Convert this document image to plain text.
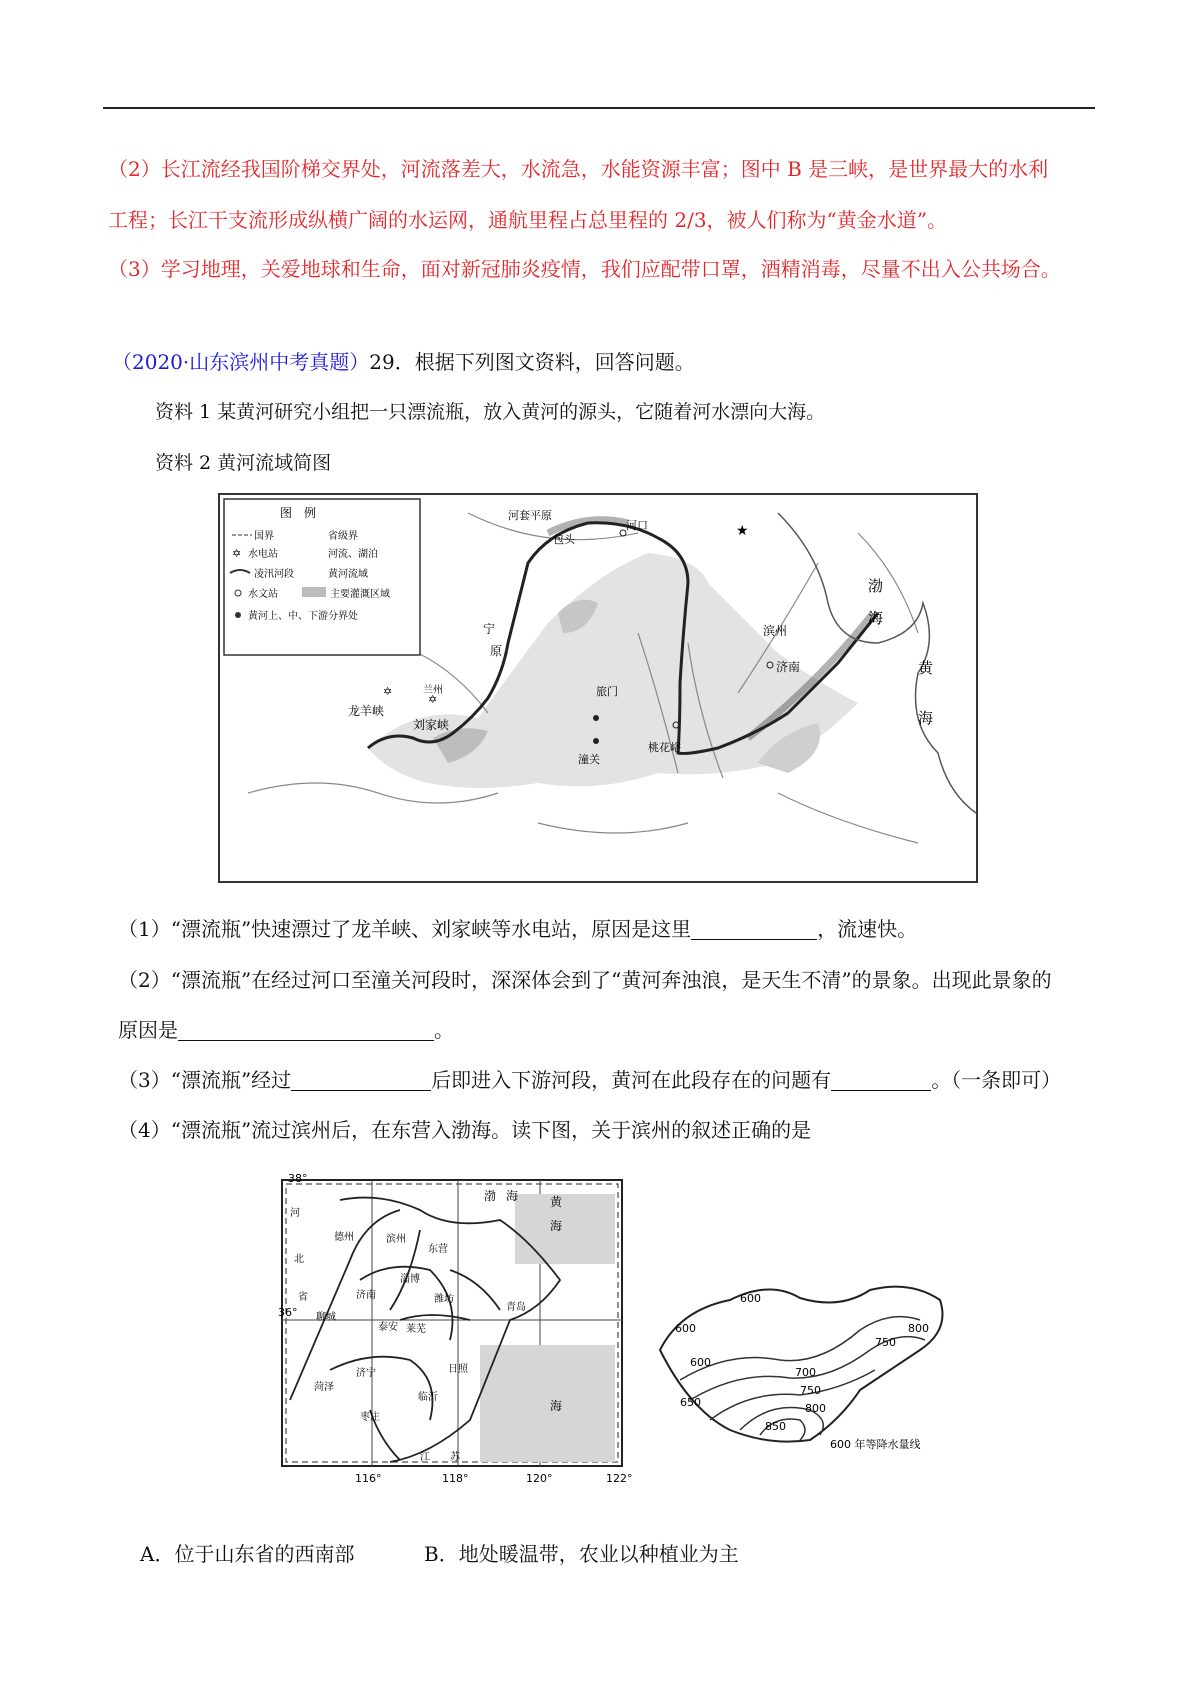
（2）长江流经我国阶梯交界处，河流落差大，水流急，水能资源丰富；图中 B 是三峡，是世界最大的水利

工程；长江干支流形成纵横广阔的水运网，通航里程占总里程的 2/3，被人们称为“黄金水道”。

（3）学习地理，关爱地球和生命，面对新冠肺炎疫情，我们应配带口罩，酒精消毒，尽量不出入公共场合。

（2020·山东滨州中考真题）29．根据下列图文资料，回答问题。
资料 1 某黄河研究小组把一只漂流瓶，放入黄河的源头，它随着河水漂向大海。
资料 2 黄河流域简图
图　例
国界	省级界
✡ 水电站	河流、湖泊
凌汛河段	黄河流域
水文站	主要灌溉区域
黄河上、中、下游分界处
河套平原
包头
河口
宁
原
兰州
✡
龙羊峡
✡
刘家峡
旅门
潼关
桃花峪
滨州
济南
★
渤
海
黄
海
（1）“漂流瓶”快速漂过了龙羊峡、刘家峡等水电站，原因是这里	，流速快。
（2）“漂流瓶”在经过河口至潼关河段时，深深体会到了“黄河奔浊浪，是天生不清”的景象。出现此景象的
原因是	。
（3）“漂流瓶”经过	后即进入下游河段，黄河在此段存在的问题有	。（一条即可）
（4）“漂流瓶”流过滨州后，在东营入渤海。读下图，关于滨州的叙述正确的是
38°
36°
116°	118°	120°	122°
河
北
省
德州	滨州
东营
济南	潍坊
淄博
泰安 莱芜
聊城
济宁
菏泽
枣庄
临沂
日照
青岛
江 苏
渤 海	黄
海
海
600
600
600
650
700
750
800
850
750
800
600 年等降水量线
A．位于山东省的西南部	B．地处暖温带，农业以种植业为主
